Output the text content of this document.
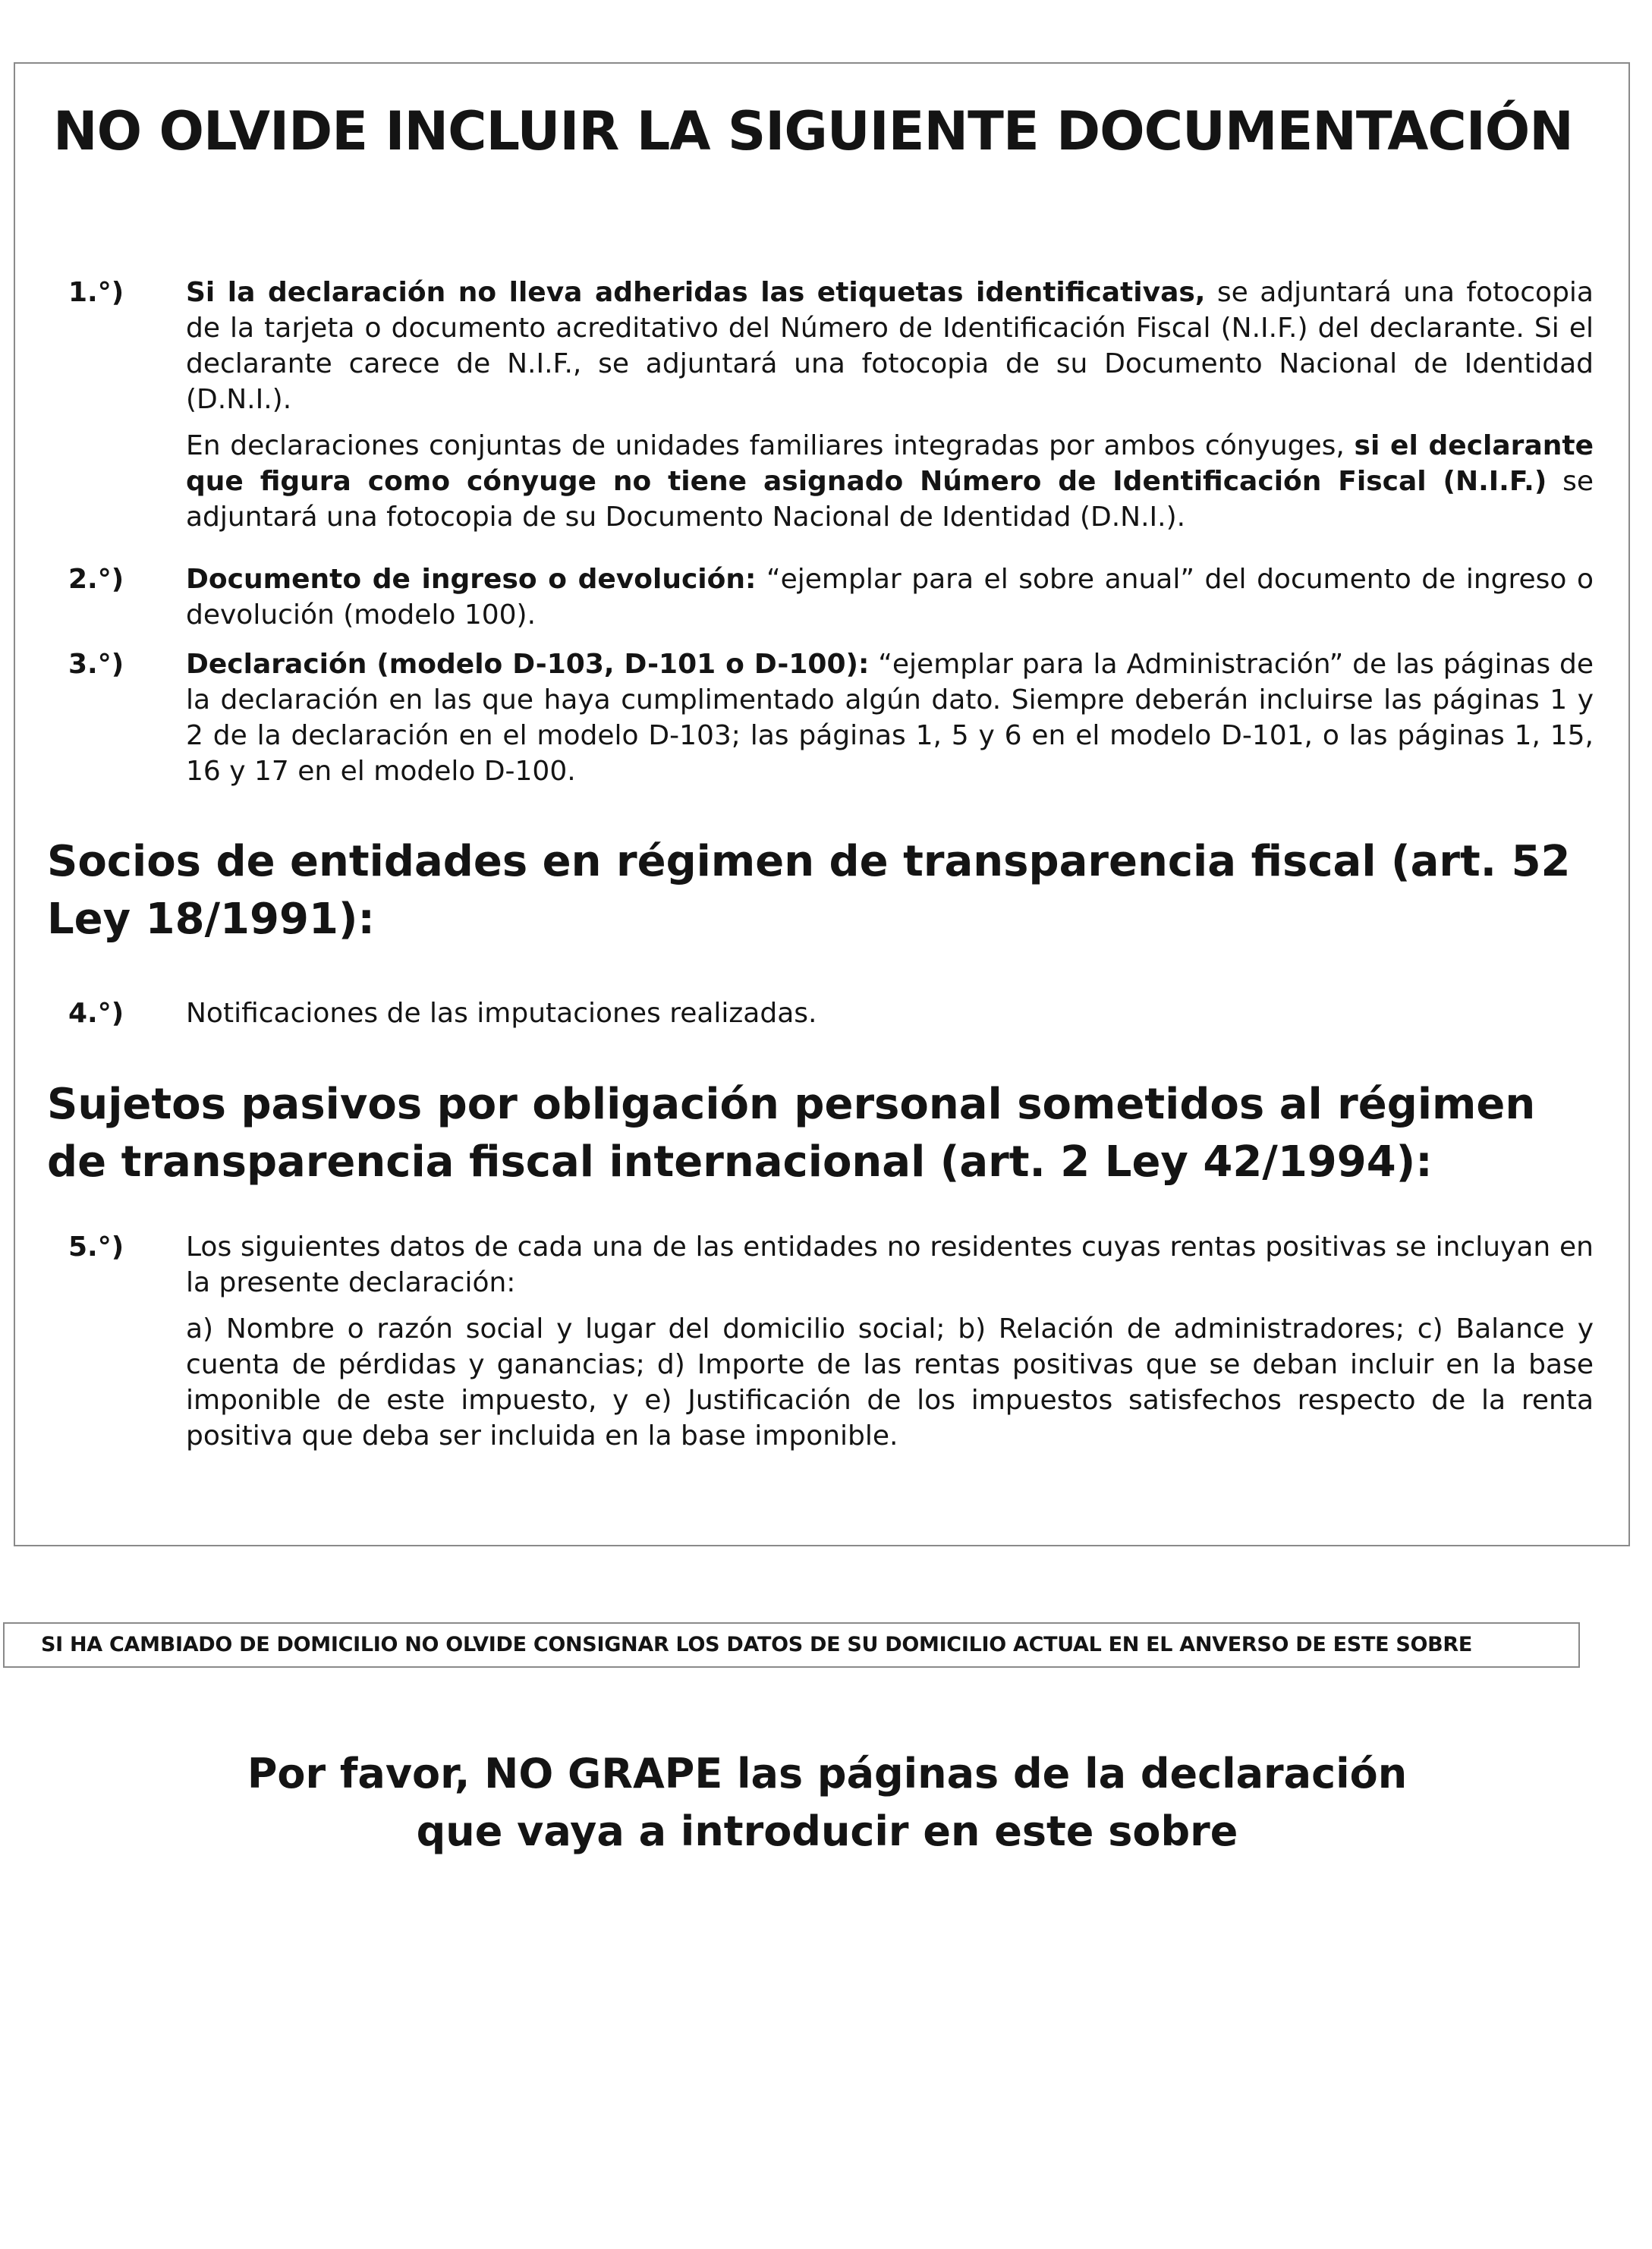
NO OLVIDE INCLUIR LA SIGUIENTE DOCUMENTACIÓN
1.°)	Si la declaración no lleva adheridas las etiquetas identificativas, se adjuntará una fotocopia de la tarjeta o documento acreditativo del Número de Identificación Fiscal (N.I.F.) del declarante. Si el declarante carece de N.I.F., se adjuntará una fotocopia de su Documento Nacional de Identidad (D.N.I.).

En declaraciones conjuntas de unidades familiares integradas por ambos cónyuges, si el declarante que figura como cónyuge no tiene asignado Número de Identificación Fiscal (N.I.F.) se adjuntará una fotocopia de su Documento Nacional de Identidad (D.N.I.).

2.°)	Documento de ingreso o devolución: “ejemplar para el sobre anual” del documento de ingreso o devolución (modelo 100).

3.°)	Declaración (modelo D-103, D-101 o D-100): “ejemplar para la Administración” de las páginas de la declaración en las que haya cumplimentado algún dato. Siempre deberán incluirse las páginas 1 y 2 de la declaración en el modelo D-103; las páginas 1, 5 y 6 en el modelo D-101, o las páginas 1, 15, 16 y 17 en el modelo D-100.

Socios de entidades en régimen de transparencia fiscal (art. 52 Ley 18/1991):
4.°)	Notificaciones de las imputaciones realizadas.

Sujetos pasivos por obligación personal sometidos al régimen de transparencia fiscal internacional (art. 2 Ley 42/1994):
5.°)	Los siguientes datos de cada una de las entidades no residentes cuyas rentas positivas se incluyan en la presente declaración:

a) Nombre o razón social y lugar del domicilio social; b) Relación de administradores; c) Balance y cuenta de pérdidas y ganancias; d) Importe de las rentas positivas que se deban incluir en la base imponible de este impuesto, y e) Justificación de los impuestos satisfechos respecto de la renta positiva que deba ser incluida en la base imponible.

SI HA CAMBIADO DE DOMICILIO NO OLVIDE CONSIGNAR LOS DATOS DE SU DOMICILIO ACTUAL EN EL ANVERSO DE ESTE SOBRE

Por favor, NO GRAPE las páginas de la declaración
que vaya a introducir en este sobre
